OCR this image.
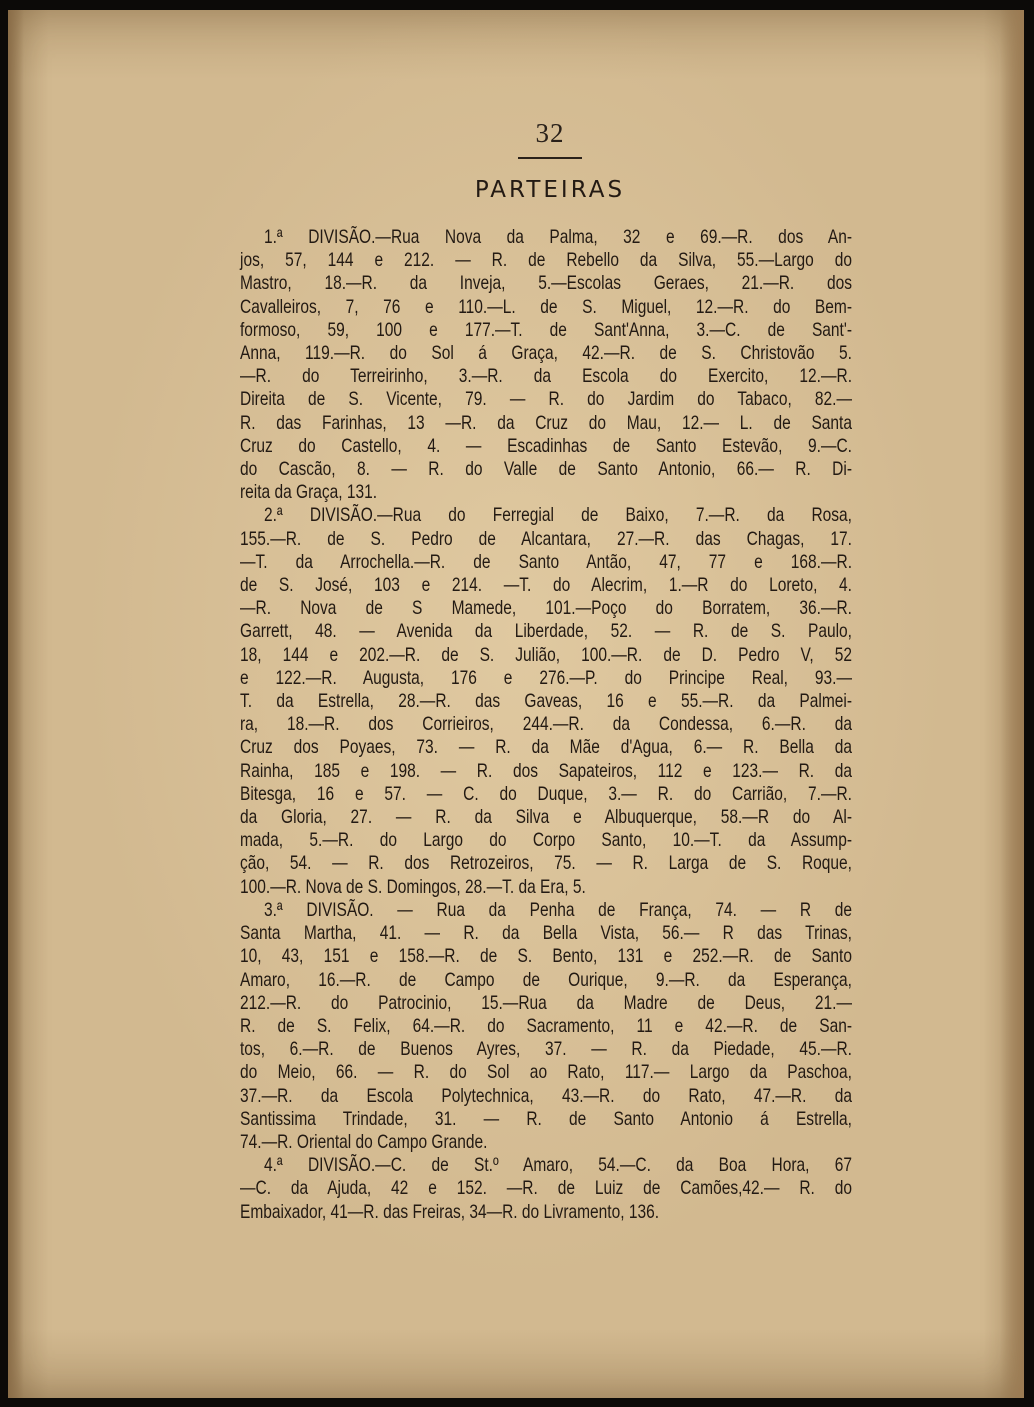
32
PARTEIRAS
1.ª DIVISÃO.—Rua Nova da Palma, 32 e 69.—R. dos An-
jos, 57, 144 e 212. — R. de Rebello da Silva, 55.—Largo do
Mastro, 18.—R. da Inveja, 5.—Escolas Geraes, 21.—R. dos
Cavalleiros, 7, 76 e 110.—L. de S. Miguel, 12.—R. do Bem-
formoso, 59, 100 e 177.—T. de Sant'Anna, 3.—C. de Sant'-
Anna, 119.—R. do Sol á Graça, 42.—R. de S. Christovão 5.
—R. do Terreirinho, 3.—R. da Escola do Exercito, 12.—R.
Direita de S. Vicente, 79. — R. do Jardim do Tabaco, 82.—
R. das Farinhas, 13 —R. da Cruz do Mau, 12.— L. de Santa
Cruz do Castello, 4. — Escadinhas de Santo Estevão, 9.—C.
do Cascão, 8. — R. do Valle de Santo Antonio, 66.— R. Di-
reita da Graça, 131.
2.ª DIVISÃO.—Rua do Ferregial de Baixo, 7.—R. da Rosa,
155.—R. de S. Pedro de Alcantara, 27.—R. das Chagas, 17.
—T. da Arrochella.—R. de Santo Antão, 47, 77 e 168.—R.
de S. José, 103 e 214. —T. do Alecrim, 1.—R do Loreto, 4.
—R. Nova de S Mamede, 101.—Poço do Borratem, 36.—R.
Garrett, 48. — Avenida da Liberdade, 52. — R. de S. Paulo,
18, 144 e 202.—R. de S. Julião, 100.—R. de D. Pedro V, 52
e 122.—R. Augusta, 176 e 276.—P. do Principe Real, 93.—
T. da Estrella, 28.—R. das Gaveas, 16 e 55.—R. da Palmei-
ra, 18.—R. dos Corrieiros, 244.—R. da Condessa, 6.—R. da
Cruz dos Poyaes, 73. — R. da Mãe d'Agua, 6.— R. Bella da
Rainha, 185 e 198. — R. dos Sapateiros, 112 e 123.— R. da
Bitesga, 16 e 57. — C. do Duque, 3.— R. do Carrião, 7.—R.
da Gloria, 27. — R. da Silva e Albuquerque, 58.—R do Al-
mada, 5.—R. do Largo do Corpo Santo, 10.—T. da Assump-
ção, 54. — R. dos Retrozeiros, 75. — R. Larga de S. Roque,
100.—R. Nova de S. Domingos, 28.—T. da Era, 5.
3.ª DIVISÃO. — Rua da Penha de França, 74. — R de
Santa Martha, 41. — R. da Bella Vista, 56.— R das Trinas,
10, 43, 151 e 158.—R. de S. Bento, 131 e 252.—R. de Santo
Amaro, 16.—R. de Campo de Ourique, 9.—R. da Esperança,
212.—R. do Patrocinio, 15.—Rua da Madre de Deus, 21.—
R. de S. Felix, 64.—R. do Sacramento, 11 e 42.—R. de San-
tos, 6.—R. de Buenos Ayres, 37. — R. da Piedade, 45.—R.
do Meio, 66. — R. do Sol ao Rato, 117.— Largo da Paschoa,
37.—R. da Escola Polytechnica, 43.—R. do Rato, 47.—R. da
Santissima Trindade, 31. — R. de Santo Antonio á Estrella,
74.—R. Oriental do Campo Grande.
4.ª DIVISÃO.—C. de St.º Amaro, 54.—C. da Boa Hora, 67
—C. da Ajuda, 42 e 152. —R. de Luiz de Camões,42.— R. do
Embaixador, 41—R. das Freiras, 34—R. do Livramento, 136.
